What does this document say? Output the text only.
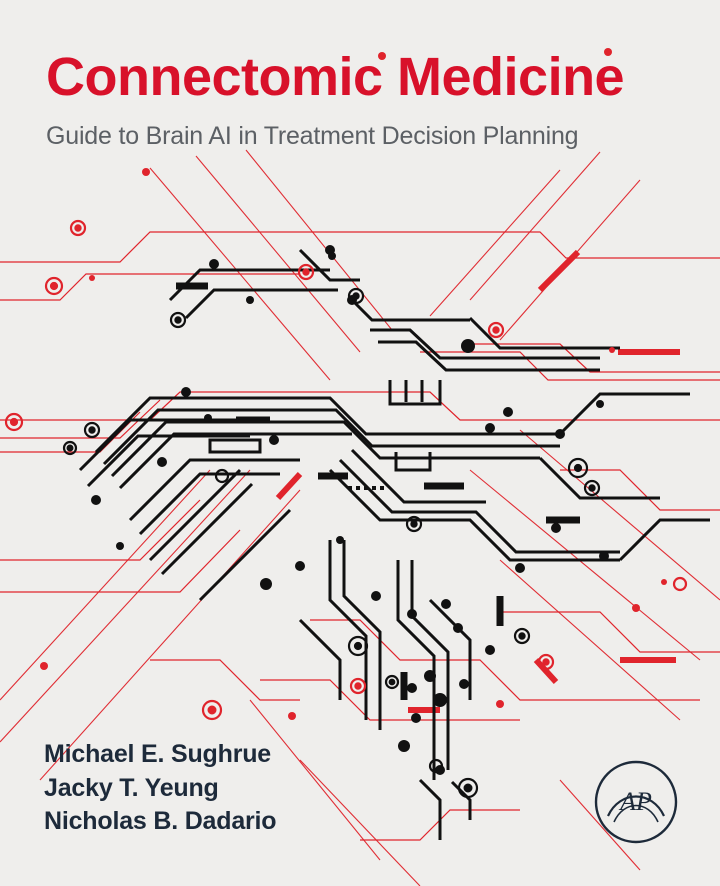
Connectomic Medicine

Guide to Brain AI in Treatment Decision Planning

Michael E. Sughrue
Jacky T. Yeung
Nicholas B. Dadario
AP
